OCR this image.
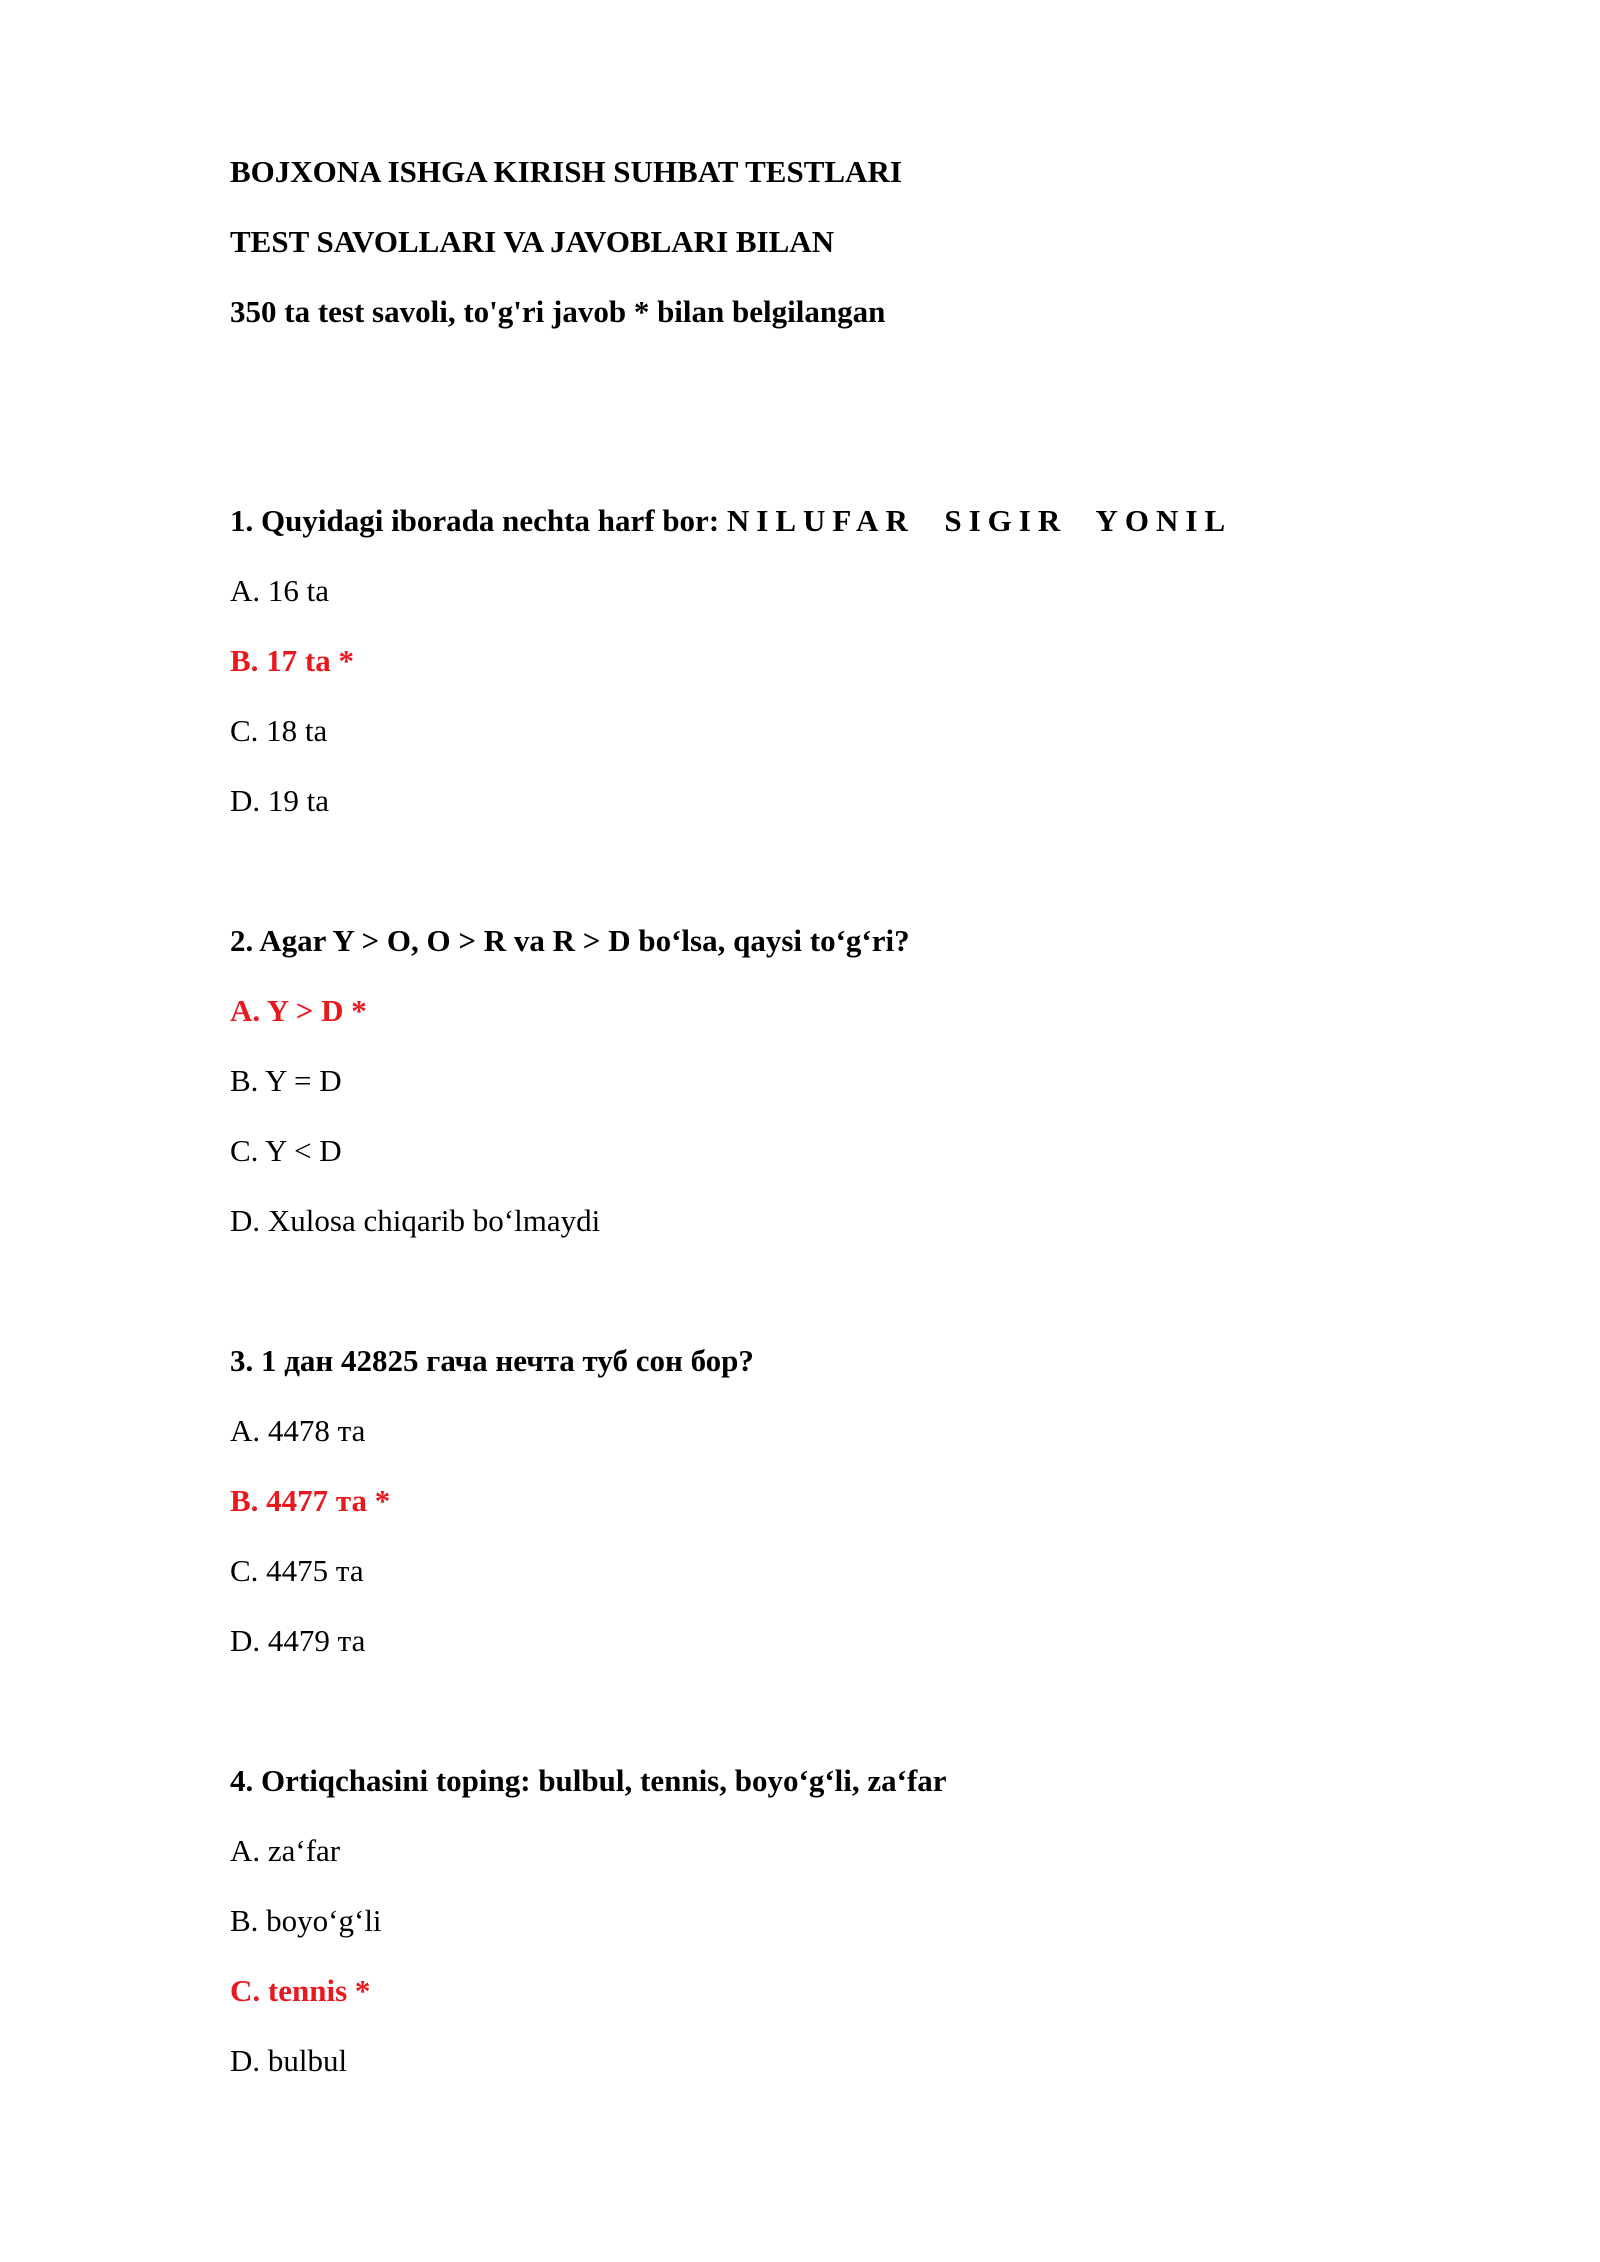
BOJXONA ISHGA KIRISH SUHBAT TESTLARI
TEST SAVOLLARI VA JAVOBLARI BILAN
350 ta test savoli, to'g'ri javob * bilan belgilangan
1. Quyidagi iborada nechta harf bor: NILUFAR  SIGIR  YONIL
A. 16 ta
B. 17 ta *
C. 18 ta
D. 19 ta
2. Agar Y > O, O > R va R > D bo‘lsa, qaysi to‘g‘ri?
A. Y > D *
B. Y = D
C. Y < D
D. Xulosa chiqarib bo‘lmaydi
3. 1 дан 42825 гача нечта туб сон бор?
A. 4478 та
B. 4477 та *
C. 4475 та
D. 4479 та
4. Ortiqchasini toping: bulbul, tennis, boyo‘g‘li, za‘far
A. za‘far
B. boyo‘g‘li
C. tennis *
D. bulbul
